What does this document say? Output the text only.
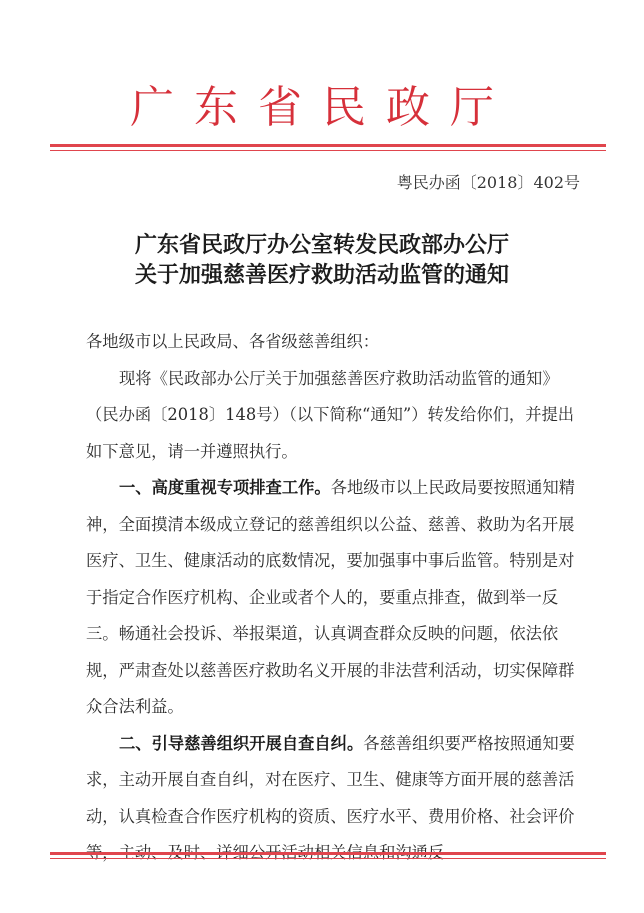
广东省民政厅
粤民办函〔2018〕402号
广东省民政厅办公室转发民政部办公厅
关于加强慈善医疗救助活动监管的通知

各地级市以上民政局、各省级慈善组织：

现将《民政部办公厅关于加强慈善医疗救助活动监管的通知》（民办函〔2018〕148号）（以下简称“通知”）转发给你们，并提出如下意见，请一并遵照执行。

一、高度重视专项排查工作。各地级市以上民政局要按照通知精神，全面摸清本级成立登记的慈善组织以公益、慈善、救助为名开展医疗、卫生、健康活动的底数情况，要加强事中事后监管。特别是对于指定合作医疗机构、企业或者个人的，要重点排查，做到举一反三。畅通社会投诉、举报渠道，认真调查群众反映的问题，依法依规，严肃查处以慈善医疗救助名义开展的非法营利活动，切实保障群众合法利益。

二、引导慈善组织开展自查自纠。各慈善组织要严格按照通知要求，主动开展自查自纠，对在医疗、卫生、健康等方面开展的慈善活动，认真检查合作医疗机构的资质、医疗水平、费用价格、社会评价等，主动、及时、详细公开活动相关信息和沟通反
